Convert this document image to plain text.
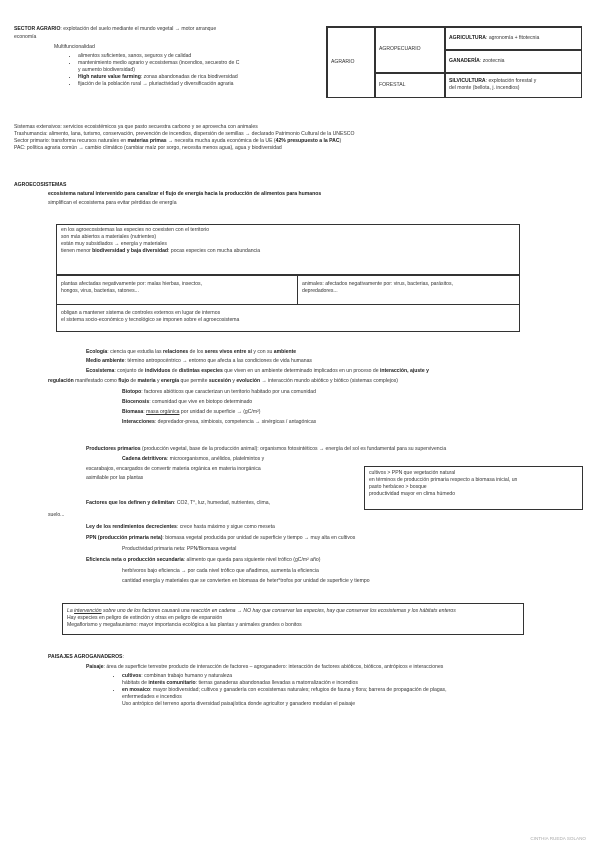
SECTOR AGRARIO: explotación del suelo mediante el mundo vegetal → motor arranque
economía
Multifuncionalidad
• alimentos suficientes, sanos, seguros y de calidad
• mantenimiento medio agrario y ecosistemas (incendios, secuestro de C
y aumento biodiversidad)
• High nature value farming: zonas abandonadas de rica biodiversidad
• fijación de la población rural → plurіactividad y diversificación agraria
AGRARIO
AGROPECUARIO
FORESTAL
AGRICULTURA: agronomía + fitotecnia
GANADERÍA: zootecnia
SILVICULTURA: explotación forestal y
del monte (bellota, j. incendios)
Sistemas extensivos: servicios ecosistémicos ya que pasto secuestra carbono y se aprovecha con animales
Trashumancia: alimento, lana, turismo, conservación, prevención de incendios, dispersión de semillas → declarado Patrimonio Cultural de la UNESCO
Sector primario: transforma recursos naturales en materias primas → necesita mucha ayuda económica de la UE (42% presupuesto a la PAC)
PAC: política agraria común → cambio climático (cambiar maíz por sorgo, necesita menos agua), agua y biodiversidad
AGROECOSISTEMAS
ecosistema natural intervenido para canalizar el flujo de energía hacia la producción de alimentos para humanos
simplifican el ecosistema para evitar pérdidas de energía
en los agroecosistemas las especies no coexisten con el territorio
son más abiertos a materiales (nutrientes)
están muy subsidiados → energía y materiales
tienen menor biodiversidad y baja diversidad: pocas especies con mucha abundancia
plantas afectadas negativamente por: malas hierbas, insectos,
hongos, virus, bacterias, ratones...
animales: afectados negativamente por: virus, bacterias, parásitos,
depredadores...
obligan a mantener sistema de controles externos en lugar de internos
el sistema socio-económico y tecnológico se imponen sobre el agroecosistema
Ecología: ciencia que estudia las relaciones de los seres vivos entre sí y con su ambiente
Medio ambiente: término antropocéntrico → entorno que afecta a las condiciones de vida humanas
Ecosistema: conjunto de individuos de distintas especies que viven en un ambiente determinado implicados en un proceso de interacción, ajuste y
regulación manifestado como flujo de materia y energía que permite sucesión y evolución → interacción mundo abiótico y biótico (sistemas complejos)
Biotopo: factores abióticos que caracterizan un territorio habitado por una comunidad
Biocenosis: comunidad que vive en biotopo determinado
Biomasa: masa orgánica por unidad de superficie → (gC/m²)
Interacciones: depredador-presa, simbiosis, competencia → sinérgicas / antagónicas
Productores primarios (producción vegetal, base de la producción animal): organismos fotosintéticos → energía del sol es fundamental para su supervivencia
Cadena detritívora: microorganismos, anélidos, platelmintos y
escarabajos, encargados de convertir materia orgánica en materia inorgánica
asimilable por las plantas
Factores que los definen y delimitan: CO2, T°, luz, humedad, nutrientes, clima,
suelo...
cultivos > PPN que vegetación natural
en términos de producción primaria respecto a biomasa inicial, un
pasto herbáceo > bosque
productividad mayor en clima húmedo
Ley de los rendimientos decrecientes: crece hasta máximo y sigue como meseta
PPN (producción primaria neta): biomasa vegetal producida por unidad de superficie y tiempo → muy alta en cultivos
Productividad primaria neta: PPN/Biomasa vegetal
Eficiencia neta o producción secundaria: alimento que queda para siguiente nivel trófico (gC/m² año)
herbívoros bajo eficiencia → por cada nivel trófico que añadimos, aumenta la eficiencia
cantidad energía y materiales que se convierten en biomasa de heter°trofos por unidad de superficie y tiempo
La intervención sobre uno de los factores causará una reacción en cadena → NO hay que conservar las especies, hay que conservar los ecosistemas y los hábitats enteros
Hay especies en peligro de extinción y otras en peligro de expansión
Megaflorismo y megafaunismo: mayor importancia ecológica a las plantas y animales grandes o bonitos
PAISAJES AGROGANADEROS:
Paisaje: área de superficie terrestre producto de interacción de factores – agroganadero: interacción de factores abióticos, bióticos, antrópicos e interacciones
• cultivos: combinan trabajo humano y naturaleza
hábitats de interés comunitario: tierras ganaderas abandonadas llevadas a matorralización e incendios
• en mosaico: mayor biodiversidad; cultivos y ganadería con ecosistemas naturales; refugios de fauna y flora; barrera de propagación de plagas,
enfermedades e incendios
Uso antrópico del terreno aporta diversidad paisajística donde agricultor y ganadero modulan el paisaje
CINTHIA RUEDA SOLANO
